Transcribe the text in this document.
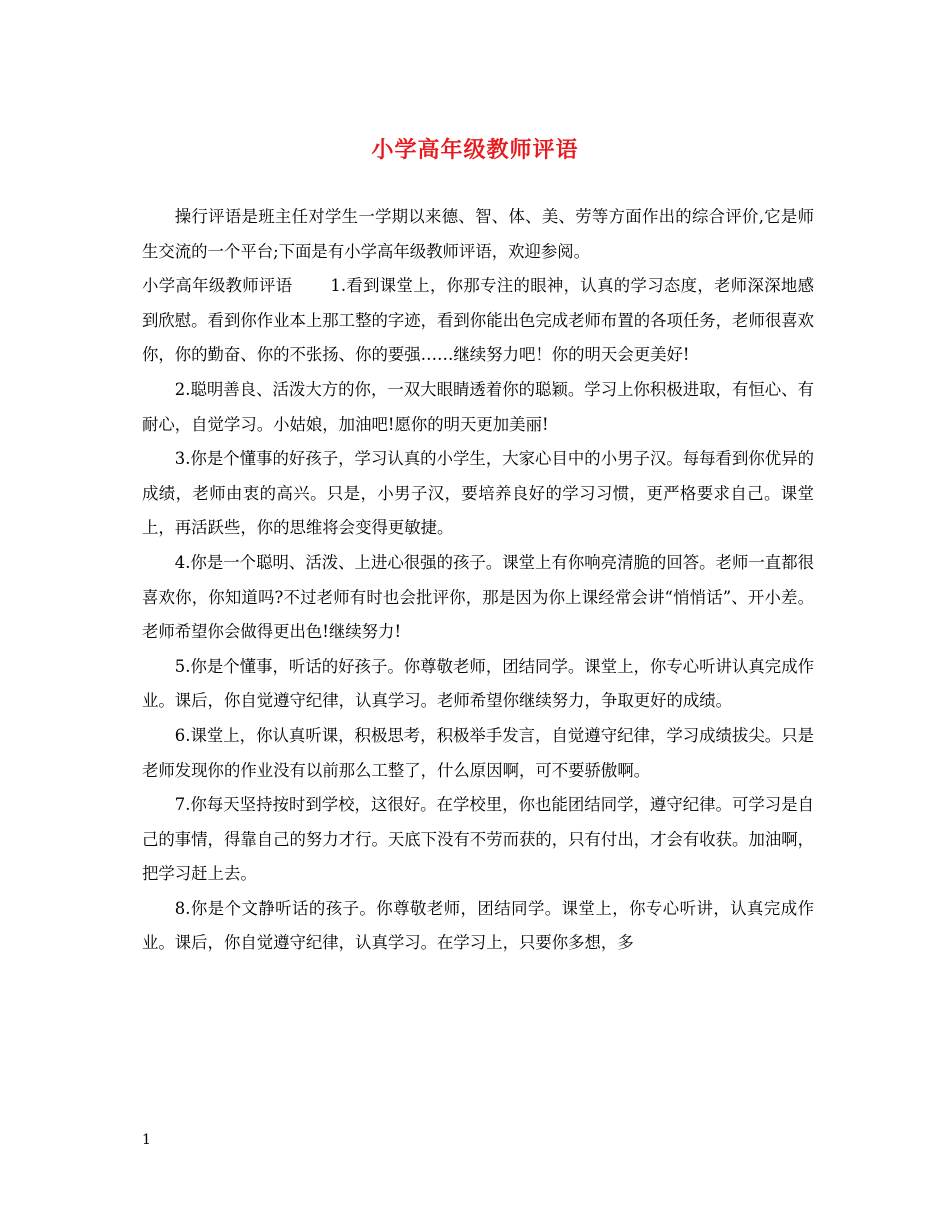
小学高年级教师评语

操行评语是班主任对学生一学期以来德、智、体、美、劳等方面作出的综合评价,它是师生交流的一个平台;下面是有小学高年级教师评语，欢迎参阅。

小学高年级教师评语 1.看到课堂上，你那专注的眼神，认真的学习态度，老师深深地感到欣慰。看到你作业本上那工整的字迹，看到你能出色完成老师布置的各项任务，老师很喜欢你，你的勤奋、你的不张扬、你的要强……继续努力吧！你的明天会更美好!

2.聪明善良、活泼大方的你，一双大眼睛透着你的聪颖。学习上你积极进取，有恒心、有耐心，自觉学习。小姑娘，加油吧!愿你的明天更加美丽!

3.你是个懂事的好孩子，学习认真的小学生，大家心目中的小男子汉。每每看到你优异的成绩，老师由衷的高兴。只是，小男子汉，要培养良好的学习习惯，更严格要求自己。课堂上，再活跃些，你的思维将会变得更敏捷。

4.你是一个聪明、活泼、上进心很强的孩子。课堂上有你响亮清脆的回答。老师一直都很喜欢你，你知道吗?不过老师有时也会批评你，那是因为你上课经常会讲“悄悄话”、开小差。老师希望你会做得更出色!继续努力!

5.你是个懂事，听话的好孩子。你尊敬老师，团结同学。课堂上，你专心听讲认真完成作业。课后，你自觉遵守纪律，认真学习。老师希望你继续努力，争取更好的成绩。

6.课堂上，你认真听课，积极思考，积极举手发言，自觉遵守纪律，学习成绩拔尖。只是老师发现你的作业没有以前那么工整了，什么原因啊，可不要骄傲啊。

7.你每天坚持按时到学校，这很好。在学校里，你也能团结同学，遵守纪律。可学习是自己的事情，得靠自己的努力才行。天底下没有不劳而获的，只有付出，才会有收获。加油啊，把学习赶上去。

8.你是个文静听话的孩子。你尊敬老师，团结同学。课堂上，你专心听讲，认真完成作业。课后，你自觉遵守纪律，认真学习。在学习上，只要你多想，多

1
